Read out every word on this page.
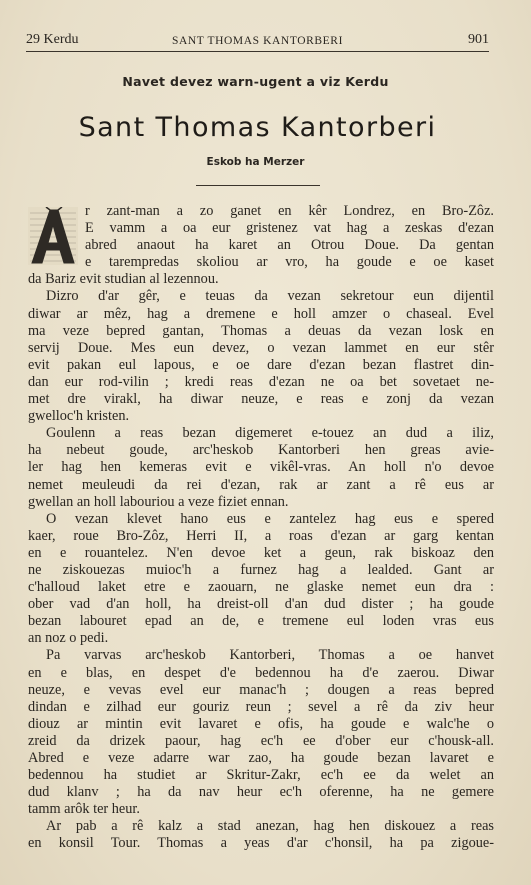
29 Kerdu	SANT THOMAS KANTORBERI	901
Navet devez warn-ugent a viz Kerdu
Sant Thomas Kantorberi
Eskob ha Merzer
r zant-man a zo ganet en kêr Londrez, en Bro-Zôz.
E vamm a oa eur gristenez vat hag a zeskas d'ezan
abred anaout ha karet an Otrou Doue. Da gentan
e tarempredas skoliou ar vro, ha goude e oe kaset
da Bariz evit studian al lezennou.
Dizro d'ar gêr, e teuas da vezan sekretour eun dijentil
diwar ar mêz, hag a dremene e holl amzer o chaseal. Evel
ma veze bepred gantan, Thomas a deuas da vezan losk en
servij Doue. Mes eun devez, o vezan lammet en eur stêr
evit pakan eul lapous, e oe dare d'ezan bezan flastret din-
dan eur rod-vilin ; kredi reas d'ezan ne oa bet sovetaet ne-
met dre virakl, ha diwar neuze, e reas e zonj da vezan
gwelloc'h kristen.
Goulenn a reas bezan digemeret e-touez an dud a iliz,
ha nebeut goude, arc'heskob Kantorberi hen greas avie-
ler hag hen kemeras evit e vikêl-vras. An holl n'o devoe
nemet meuleudi da rei d'ezan, rak ar zant a rê eus ar
gwellan an holl labouriou a veze fiziet ennan.
O vezan klevet hano eus e zantelez hag eus e spered
kaer, roue Bro-Zôz, Herri II, a roas d'ezan ar garg kentan
en e rouantelez. N'en devoe ket a geun, rak biskoaz den
ne ziskouezas muioc'h a furnez hag a lealded. Gant ar
c'halloud laket etre e zaouarn, ne glaske nemet eun dra :
ober vad d'an holl, ha dreist-oll d'an dud dister ; ha goude
bezan labouret epad an de, e tremene eul loden vras eus
an noz o pedi.
Pa varvas arc'heskob Kantorberi, Thomas a oe hanvet
en e blas, en despet d'e bedennou ha d'e zaerou. Diwar
neuze, e vevas evel eur manac'h ; dougen a reas bepred
dindan e zilhad eur gouriz reun ; sevel a rê da ziv heur
diouz ar mintin evit lavaret e ofis, ha goude e walc'he o
zreid da drizek paour, hag ec'h ee d'ober eur c'housk-all.
Abred e veze adarre war zao, ha goude bezan lavaret e
bedennou ha studiet ar Skritur-Zakr, ec'h ee da welet an
dud klanv ; ha da nav heur ec'h oferenne, ha ne gemere
tamm arôk ter heur.
Ar pab a rê kalz a stad anezan, hag hen diskouez a reas
en konsil Tour. Thomas a yeas d'ar c'honsil, ha pa zigoue-
